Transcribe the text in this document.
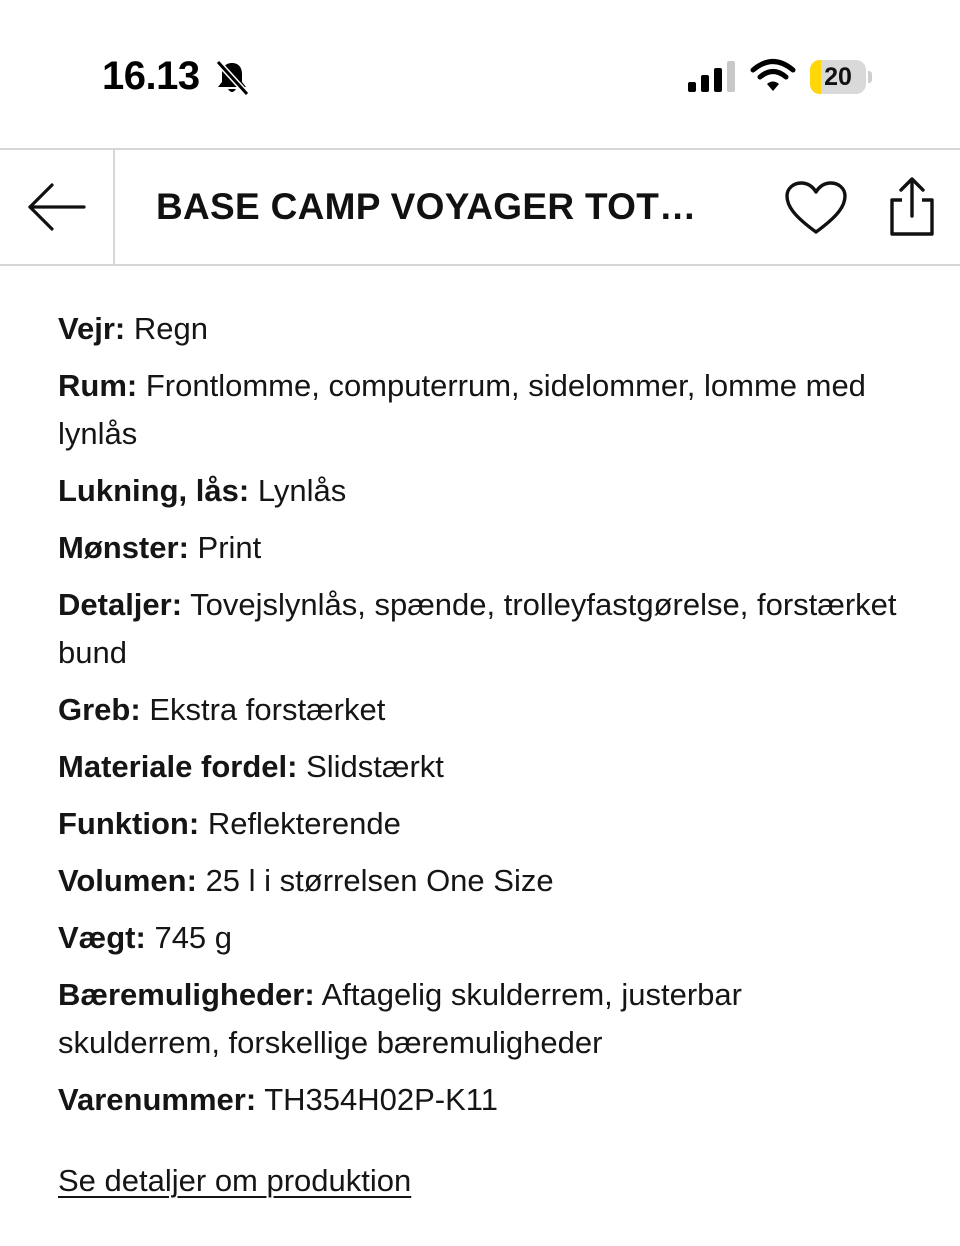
16.13	20
BASE CAMP VOYAGER TOT…
Vejr: Regn
Rum: Frontlomme, computerrum, sidelommer, lomme med lynlås
Lukning, lås: Lynlås
Mønster: Print
Detaljer: Tovejslynlås, spænde, trolleyfastgørelse, forstærket bund
Greb: Ekstra forstærket
Materiale fordel: Slidstærkt
Funktion: Reflekterende
Volumen: 25 l i størrelsen One Size
Vægt: 745 g
Bæremuligheder: Aftagelig skulderrem, justerbar skulderrem, forskellige bæremuligheder
Varenummer: TH354H02P-K11
Se detaljer om produktion
